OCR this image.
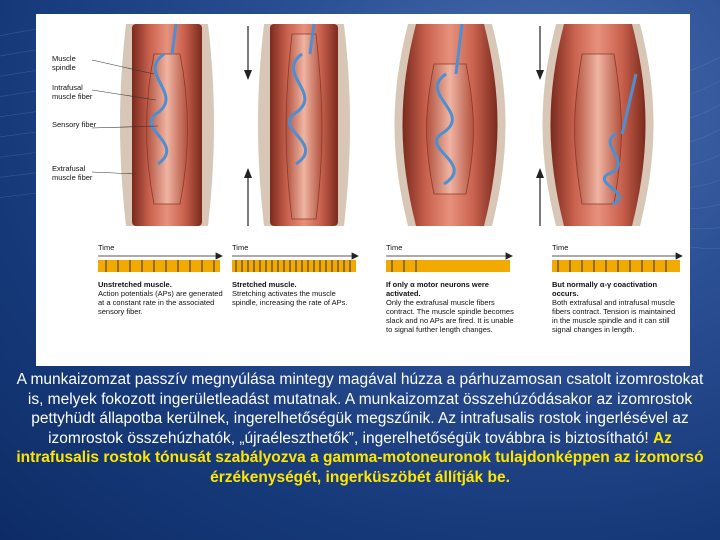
Muscle spindle
Intrafusal muscle fiber
Sensory fiber
Extrafusal muscle fiber
Time	Time	Time	Time
Unstretched muscle.
Action potentials (APs) are generated at a constant rate in the associated sensory fiber.
Stretched muscle.
Stretching activates the muscle spindle, increasing the rate of APs.
If only α motor neurons were activated.
Only the extrafusal muscle fibers contract. The muscle spindle becomes slack and no APs are fired. It is unable to signal further length changes.
But normally α-γ coactivation occurs.
Both extrafusal and intrafusal muscle fibers contract. Tension is maintained in the muscle spindle and it can still signal changes in length.
A munkaizomzat passzív megnyúlása mintegy magával húzza a párhuzamosan csatolt izomrostokat is, melyek fokozott ingerületleadást mutatnak. A munkaizomzat összehúzódásakor az izomrostok pettyhüdt állapotba kerülnek, ingerelhetőségük megszűnik. Az intrafusalis rostok ingerlésével az izomrostok összehúzhatók, „újraéleszthetők”, ingerelhetőségük továbbra is biztosítható! Az intrafusalis rostok tónusát szabályozva a gamma-motoneuronok tulajdonképpen az izomorsó érzékenységét, ingerküszöbét állítják be.
